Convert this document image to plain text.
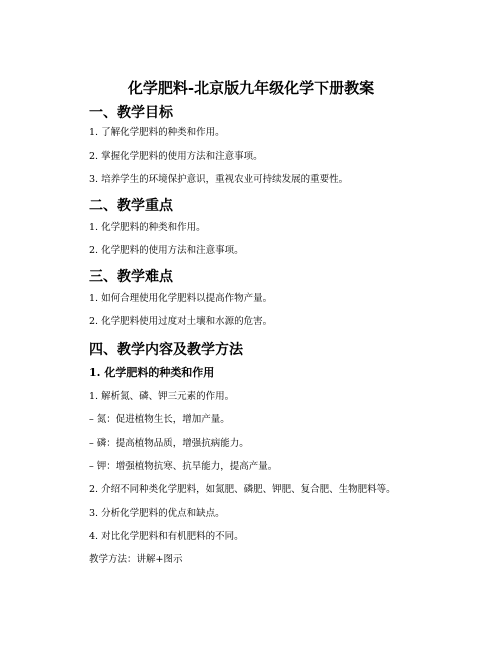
化学肥料-北京版九年级化学下册教案
一、教学目标
1. 了解化学肥料的种类和作用。
2. 掌握化学肥料的使用方法和注意事项。
3. 培养学生的环境保护意识，重视农业可持续发展的重要性。
二、教学重点
1. 化学肥料的种类和作用。
2. 化学肥料的使用方法和注意事项。
三、教学难点
1. 如何合理使用化学肥料以提高作物产量。
2. 化学肥料使用过度对土壤和水源的危害。
四、教学内容及教学方法
1. 化学肥料的种类和作用
1. 解析氮、磷、钾三元素的作用。
– 氮：促进植物生长，增加产量。
– 磷：提高植物品质，增强抗病能力。
– 钾：增强植物抗寒、抗旱能力，提高产量。
2. 介绍不同种类化学肥料，如氮肥、磷肥、钾肥、复合肥、生物肥料等。
3. 分析化学肥料的优点和缺点。
4. 对比化学肥料和有机肥料的不同。
教学方法：讲解+图示
